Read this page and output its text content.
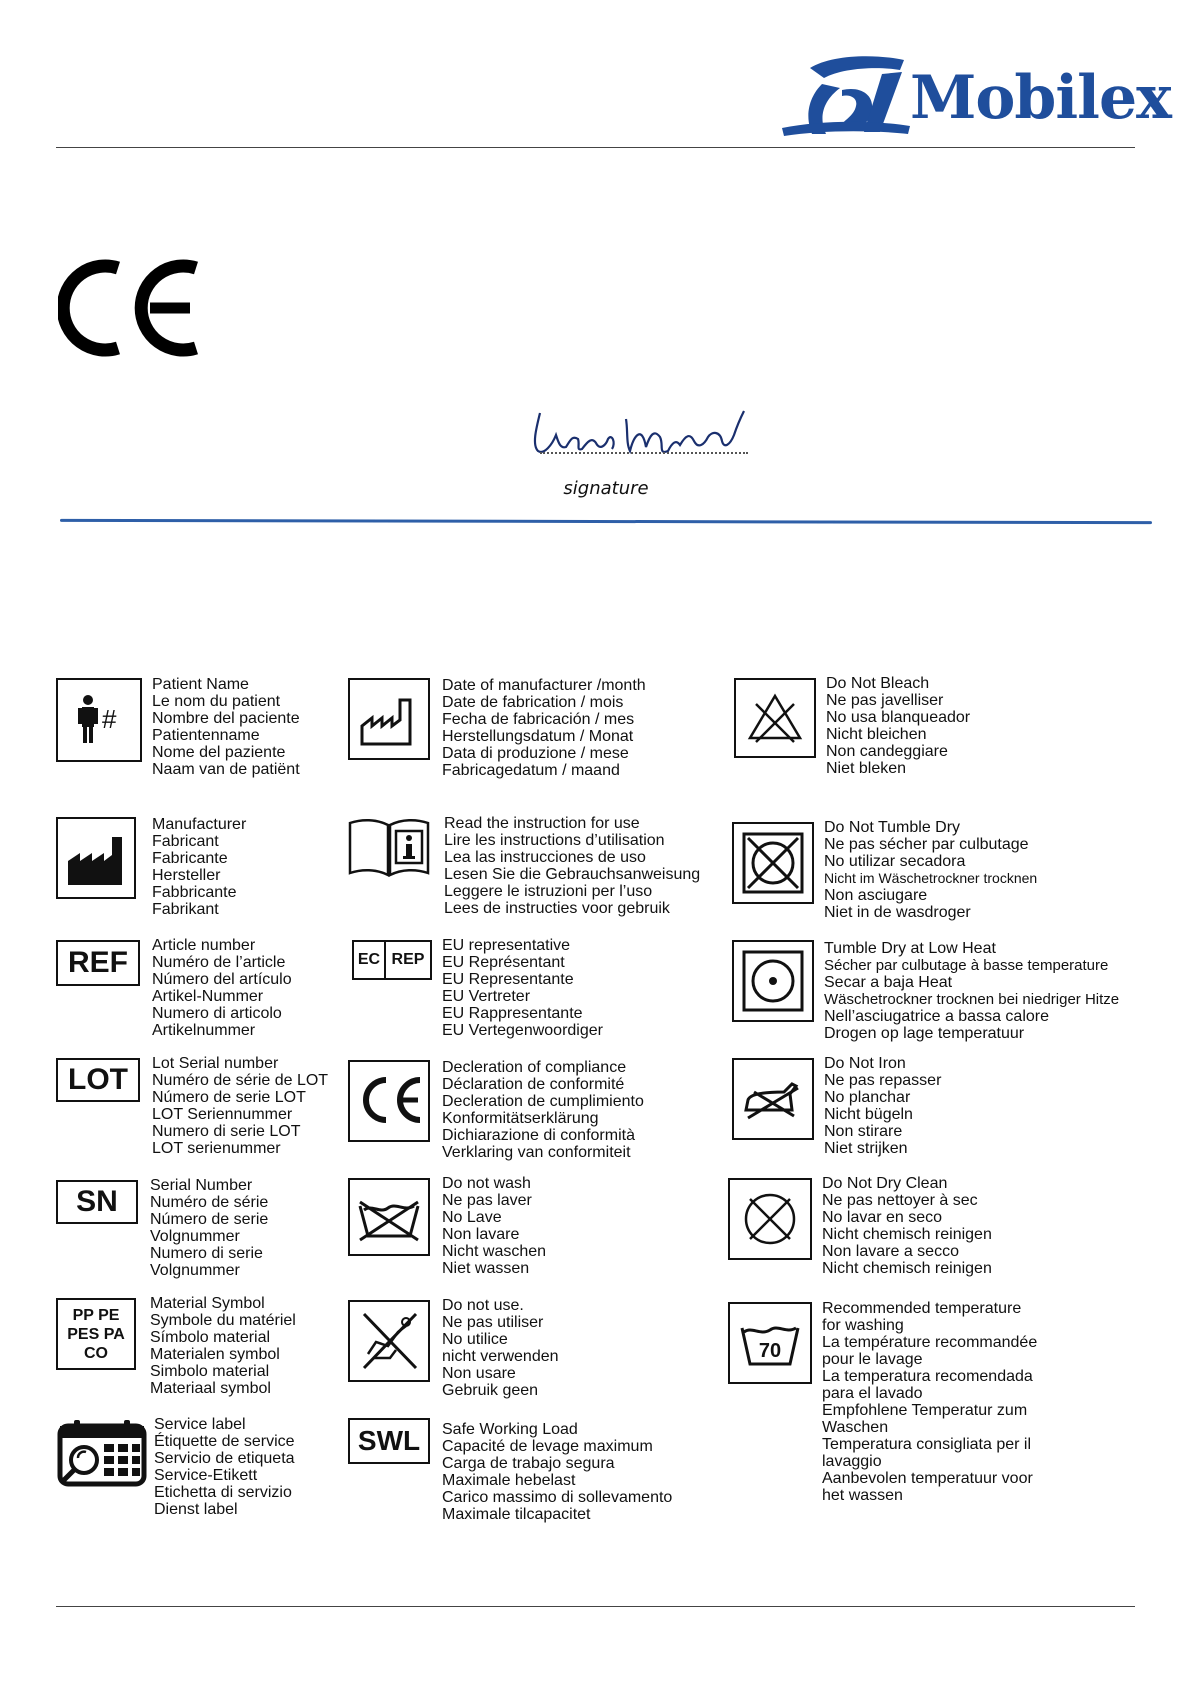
Mobilex
signature
#
Patient Name
Le nom du patient
Nombre del paciente
Patientenname
Nome del paziente
Naam van de patiënt
Manufacturer
Fabricant
Fabricante
Hersteller
Fabbricante
Fabrikant
REF
Article number
Numéro de l’article
Número del artículo
Artikel-Nummer
Numero di articolo
Artikelnummer
LOT	Lot Serial number
Numéro de série de LOT
Número de serie LOT
LOT Seriennummer
Numero di serie LOT
LOT serienummer
SN	Serial Number
Numéro de série
Número de serie
Volgnummer
Numero di serie
Volgnummer
PP PE
PES PA
CO
Material Symbol
Symbole du matériel
Símbolo material
Materialen symbol
Simbolo material
Materiaal symbol
Service label
Étiquette de service
Servicio de etiqueta
Service-Etikett
Etichetta di servizio
Dienst label
Date of manufacturer /month
Date de fabrication / mois
Fecha de fabricación / mes
Herstellungsdatum / Monat
Data di produzione / mese
Fabricagedatum / maand
Read the instruction for use
Lire les instructions d’utilisation
Lea las instrucciones de uso
Lesen Sie die Gebrauchsanweisung
Leggere le istruzioni per l’uso
Lees de instructies voor gebruik
EC REP
EU representative
EU Représentant
EU Representante
EU Vertreter
EU Rappresentante
EU Vertegenwoordiger
Decleration of compliance
Déclaration de conformité
Decleration de cumplimiento
Konformitätserklärung
Dichiarazione di conformità
Verklaring van conformiteit
Do not wash
Ne pas laver
No Lave
Non lavare
Nicht waschen
Niet wassen
Do not use.
Ne pas utiliser
No utilice
nicht verwenden
Non usare
Gebruik geen
SWL	Safe Working Load
Capacité de levage maximum
Carga de trabajo segura
Maximale hebelast
Carico massimo di sollevamento
Maximale tilcapacitet
Do Not Bleach
Ne pas javelliser
No usa blanqueador
Nicht bleichen
Non candeggiare
Niet bleken
Do Not Tumble Dry
Ne pas sécher par culbutage
No utilizar secadora
Nicht im Wäschetrockner trocknen
Non asciugare
Niet in de wasdroger
Tumble Dry at Low Heat
Sécher par culbutage à basse temperature
Secar a baja Heat
Wäschetrockner trocknen bei niedriger Hitze
Nell’asciugatrice a bassa calore
Drogen op lage temperatuur
Do Not Iron
Ne pas repasser
No planchar
Nicht bügeln
Non stirare
Niet strijken
Do Not Dry Clean
Ne pas nettoyer à sec
No lavar en seco
Nicht chemisch reinigen
Non lavare a secco
Nicht chemisch reinigen
70
Recommended temperature
for washing
La température recommandée
pour le lavage
La temperatura recomendada
para el lavado
Empfohlene Temperatur zum
Waschen
Temperatura consigliata per il
lavaggio
Aanbevolen temperatuur voor
het wassen
